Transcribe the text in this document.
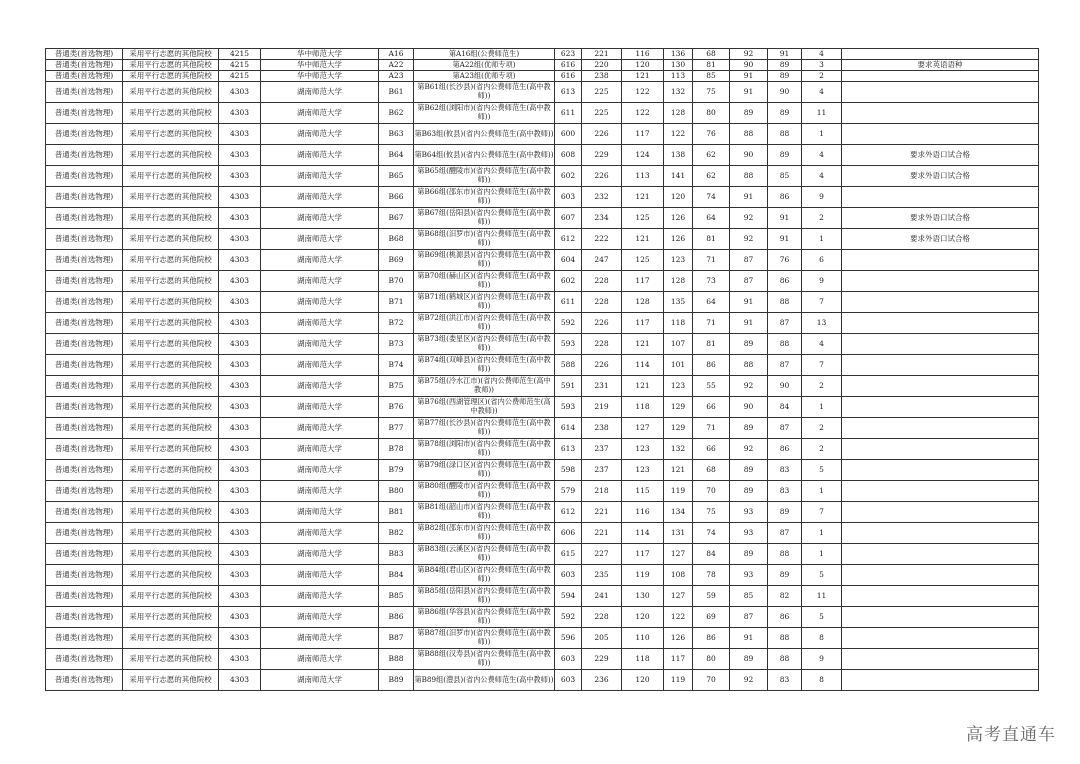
普通类(首选物理)	采用平行志愿的其他院校	4215	华中师范大学	A16	第A16组(公费师范生)	623	221	116	136	68	92	91	4	
普通类(首选物理)	采用平行志愿的其他院校	4215	华中师范大学	A22	第A22组(优师专项)	616	220	120	130	81	90	89	3	要求英语语种
普通类(首选物理)	采用平行志愿的其他院校	4215	华中师范大学	A23	第A23组(优师专项)	616	238	121	113	85	91	89	2	
普通类(首选物理)	采用平行志愿的其他院校	4303	湖南师范大学	B61	第B61组(长沙县)(省内公费师范生(高中教师))	613	225	122	132	75	91	90	4	
普通类(首选物理)	采用平行志愿的其他院校	4303	湖南师范大学	B62	第B62组(浏阳市)(省内公费师范生(高中教师))	611	225	122	128	80	89	89	11	
普通类(首选物理)	采用平行志愿的其他院校	4303	湖南师范大学	B63	第B63组(攸县)(省内公费师范生(高中教师))	600	226	117	122	76	88	88	1	
普通类(首选物理)	采用平行志愿的其他院校	4303	湖南师范大学	B64	第B64组(攸县)(省内公费师范生(高中教师))	608	229	124	138	62	90	89	4	要求外语口试合格
普通类(首选物理)	采用平行志愿的其他院校	4303	湖南师范大学	B65	第B65组(醴陵市)(省内公费师范生(高中教师))	602	226	113	141	62	88	85	4	要求外语口试合格
普通类(首选物理)	采用平行志愿的其他院校	4303	湖南师范大学	B66	第B66组(邵东市)(省内公费师范生(高中教师))	603	232	121	120	74	91	86	9	
普通类(首选物理)	采用平行志愿的其他院校	4303	湖南师范大学	B67	第B67组(岳阳县)(省内公费师范生(高中教师))	607	234	125	126	64	92	91	2	要求外语口试合格
普通类(首选物理)	采用平行志愿的其他院校	4303	湖南师范大学	B68	第B68组(汨罗市)(省内公费师范生(高中教师))	612	222	121	126	81	92	91	1	要求外语口试合格
普通类(首选物理)	采用平行志愿的其他院校	4303	湖南师范大学	B69	第B69组(桃源县)(省内公费师范生(高中教师))	604	247	125	123	71	87	76	6	
普通类(首选物理)	采用平行志愿的其他院校	4303	湖南师范大学	B70	第B70组(赫山区)(省内公费师范生(高中教师))	602	228	117	128	73	87	86	9	
普通类(首选物理)	采用平行志愿的其他院校	4303	湖南师范大学	B71	第B71组(鹤城区)(省内公费师范生(高中教师))	611	228	128	135	64	91	88	7	
普通类(首选物理)	采用平行志愿的其他院校	4303	湖南师范大学	B72	第B72组(洪江市)(省内公费师范生(高中教师))	592	226	117	118	71	91	87	13	
普通类(首选物理)	采用平行志愿的其他院校	4303	湖南师范大学	B73	第B73组(娄星区)(省内公费师范生(高中教师))	593	228	121	107	81	89	88	4	
普通类(首选物理)	采用平行志愿的其他院校	4303	湖南师范大学	B74	第B74组(双峰县)(省内公费师范生(高中教师))	588	226	114	101	86	88	87	7	
普通类(首选物理)	采用平行志愿的其他院校	4303	湖南师范大学	B75	第B75组(冷水江市)(省内公费师范生(高中教师))	591	231	121	123	55	92	90	2	
普通类(首选物理)	采用平行志愿的其他院校	4303	湖南师范大学	B76	第B76组(西湖管理区)(省内公费师范生(高中教师))	593	219	118	129	66	90	84	1	
普通类(首选物理)	采用平行志愿的其他院校	4303	湖南师范大学	B77	第B77组(长沙县)(省内公费师范生(高中教师))	614	238	127	129	71	89	87	2	
普通类(首选物理)	采用平行志愿的其他院校	4303	湖南师范大学	B78	第B78组(浏阳市)(省内公费师范生(高中教师))	613	237	123	132	66	92	86	2	
普通类(首选物理)	采用平行志愿的其他院校	4303	湖南师范大学	B79	第B79组(渌口区)(省内公费师范生(高中教师))	598	237	123	121	68	89	83	5	
普通类(首选物理)	采用平行志愿的其他院校	4303	湖南师范大学	B80	第B80组(醴陵市)(省内公费师范生(高中教师))	579	218	115	119	70	89	83	1	
普通类(首选物理)	采用平行志愿的其他院校	4303	湖南师范大学	B81	第B81组(韶山市)(省内公费师范生(高中教师))	612	221	116	134	75	93	89	7	
普通类(首选物理)	采用平行志愿的其他院校	4303	湖南师范大学	B82	第B82组(邵东市)(省内公费师范生(高中教师))	606	221	114	131	74	93	87	1	
普通类(首选物理)	采用平行志愿的其他院校	4303	湖南师范大学	B83	第B83组(云溪区)(省内公费师范生(高中教师))	615	227	117	127	84	89	88	1	
普通类(首选物理)	采用平行志愿的其他院校	4303	湖南师范大学	B84	第B84组(君山区)(省内公费师范生(高中教师))	603	235	119	108	78	93	89	5	
普通类(首选物理)	采用平行志愿的其他院校	4303	湖南师范大学	B85	第B85组(岳阳县)(省内公费师范生(高中教师))	594	241	130	127	59	85	82	11	
普通类(首选物理)	采用平行志愿的其他院校	4303	湖南师范大学	B86	第B86组(华容县)(省内公费师范生(高中教师))	592	228	120	122	69	87	86	5	
普通类(首选物理)	采用平行志愿的其他院校	4303	湖南师范大学	B87	第B87组(汨罗市)(省内公费师范生(高中教师))	596	205	110	126	86	91	88	8	
普通类(首选物理)	采用平行志愿的其他院校	4303	湖南师范大学	B88	第B88组(汉寿县)(省内公费师范生(高中教师))	603	229	118	117	80	89	88	9	
普通类(首选物理)	采用平行志愿的其他院校	4303	湖南师范大学	B89	第B89组(澧县)(省内公费师范生(高中教师))	603	236	120	119	70	92	83	8	
高考直通车
